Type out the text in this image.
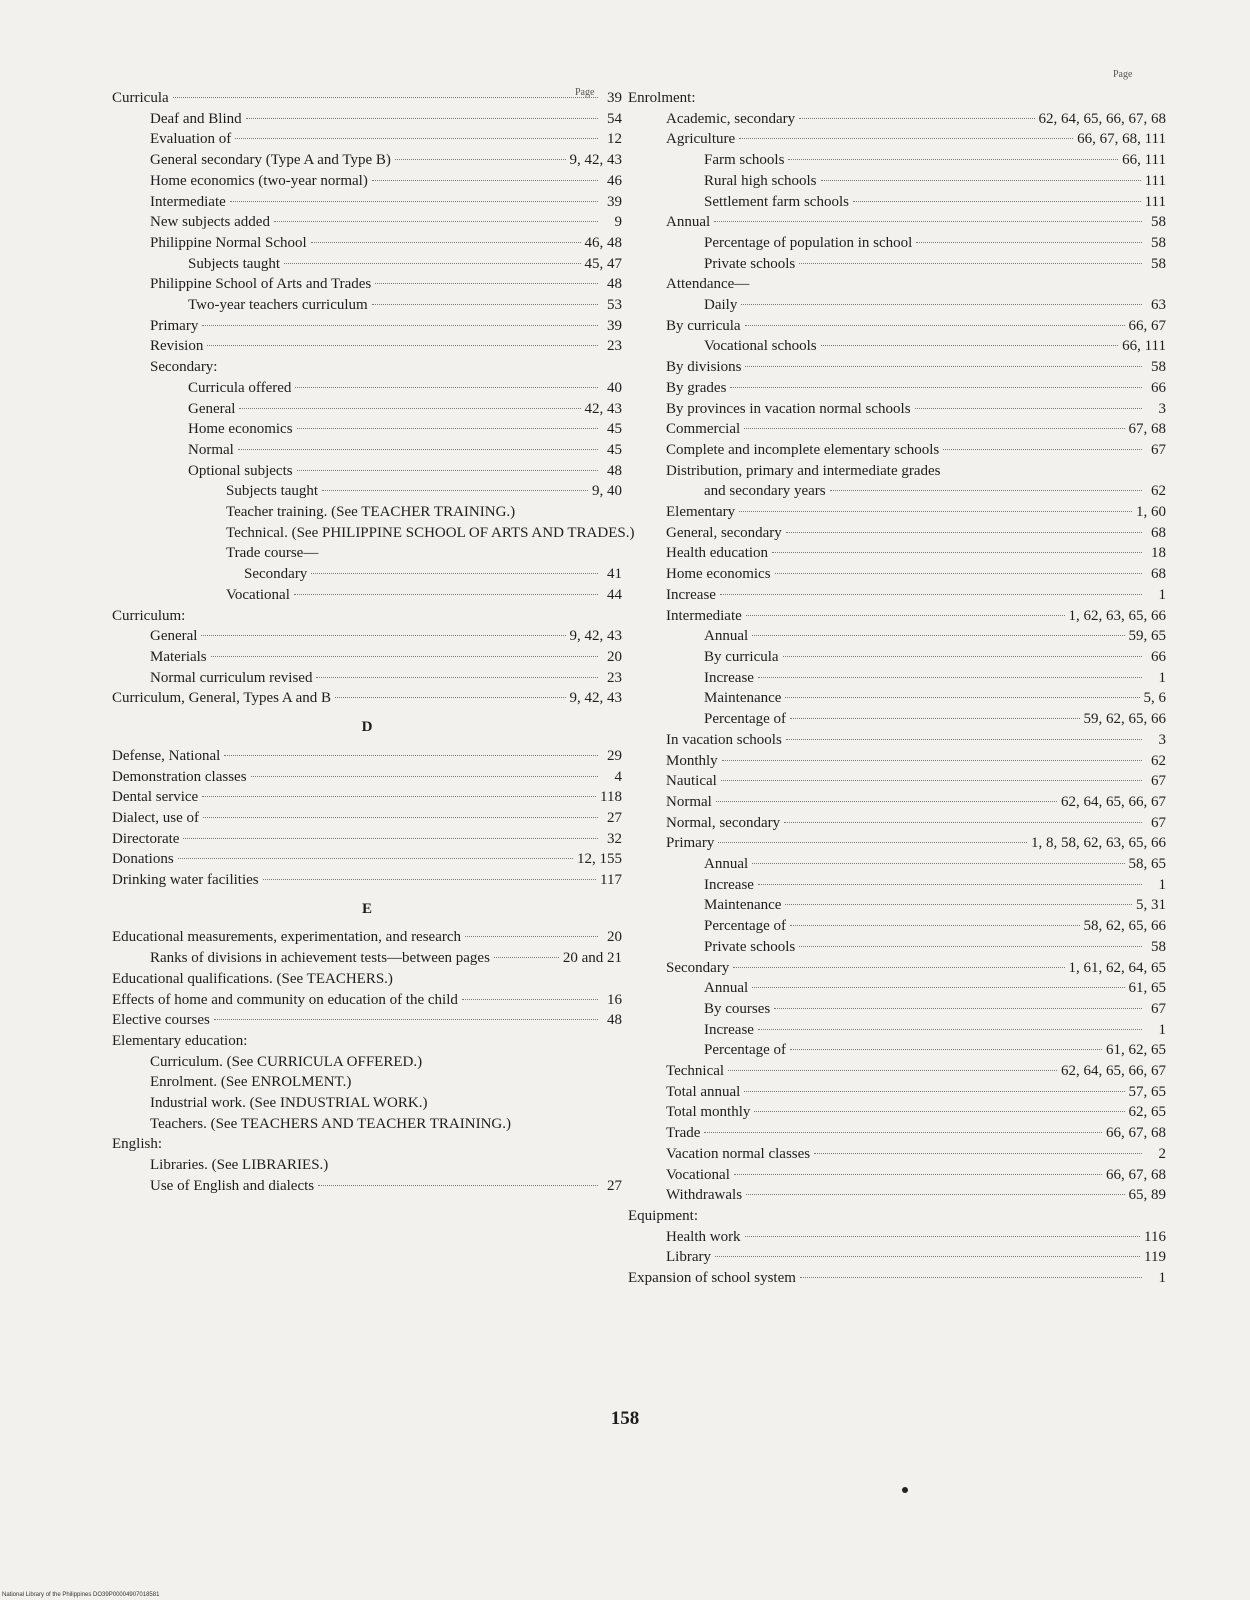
Page
Page
Curricula	39
Deaf and Blind	54
Evaluation of	12
General secondary (Type A and Type B)	9, 42, 43
Home economics (two-year normal)	46
Intermediate	39
New subjects added	9
Philippine Normal School	46, 48
Subjects taught	45, 47
Philippine School of Arts and Trades	48
Two-year teachers curriculum	53
Primary	39
Revision	23
Secondary:
Curricula offered	40
General	42, 43
Home economics	45
Normal	45
Optional subjects	48
Subjects taught	9, 40
Teacher training. (See TEACHER TRAINING.)
Technical. (See PHILIPPINE SCHOOL OF ARTS AND TRADES.)
Trade course—
Secondary	41
Vocational	44
Curriculum:
General	9, 42, 43
Materials	20
Normal curriculum revised	23
Curriculum, General, Types A and B	9, 42, 43
D
Defense, National	29
Demonstration classes	4
Dental service	118
Dialect, use of	27
Directorate	32
Donations	12, 155
Drinking water facilities	117
E
Educational measurements, experimentation, and research	20
Ranks of divisions in achievement tests—between pages	20 and 21
Educational qualifications. (See TEACHERS.)
Effects of home and community on education of the child	16
Elective courses	48
Elementary education:
Curriculum. (See CURRICULA OFFERED.)
Enrolment. (See ENROLMENT.)
Industrial work. (See INDUSTRIAL WORK.)
Teachers. (See TEACHERS AND TEACHER TRAINING.)
English:
Libraries. (See LIBRARIES.)
Use of English and dialects	27
Enrolment:
Academic, secondary	62, 64, 65, 66, 67, 68
Agriculture	66, 67, 68, 111
Farm schools	66, 111
Rural high schools	111
Settlement farm schools	111
Annual	58
Percentage of population in school	58
Private schools	58
Attendance—
Daily	63
By curricula	66, 67
Vocational schools	66, 111
By divisions	58
By grades	66
By provinces in vacation normal schools	3
Commercial	67, 68
Complete and incomplete elementary schools	67
Distribution, primary and intermediate grades
and secondary years	62
Elementary	1, 60
General, secondary	68
Health education	18
Home economics	68
Increase	1
Intermediate	1, 62, 63, 65, 66
Annual	59, 65
By curricula	66
Increase	1
Maintenance	5, 6
Percentage of	59, 62, 65, 66
In vacation schools	3
Monthly	62
Nautical	67
Normal	62, 64, 65, 66, 67
Normal, secondary	67
Primary	1, 8, 58, 62, 63, 65, 66
Annual	58, 65
Increase	1
Maintenance	5, 31
Percentage of	58, 62, 65, 66
Private schools	58
Secondary	1, 61, 62, 64, 65
Annual	61, 65
By courses	67
Increase	1
Percentage of	61, 62, 65
Technical	62, 64, 65, 66, 67
Total annual	57, 65
Total monthly	62, 65
Trade	66, 67, 68
Vacation normal classes	2
Vocational	66, 67, 68
Withdrawals	65, 89
Equipment:
Health work	116
Library	119
Expansion of school system	1
158
National Library of the Philippines DO39P00004907018581
